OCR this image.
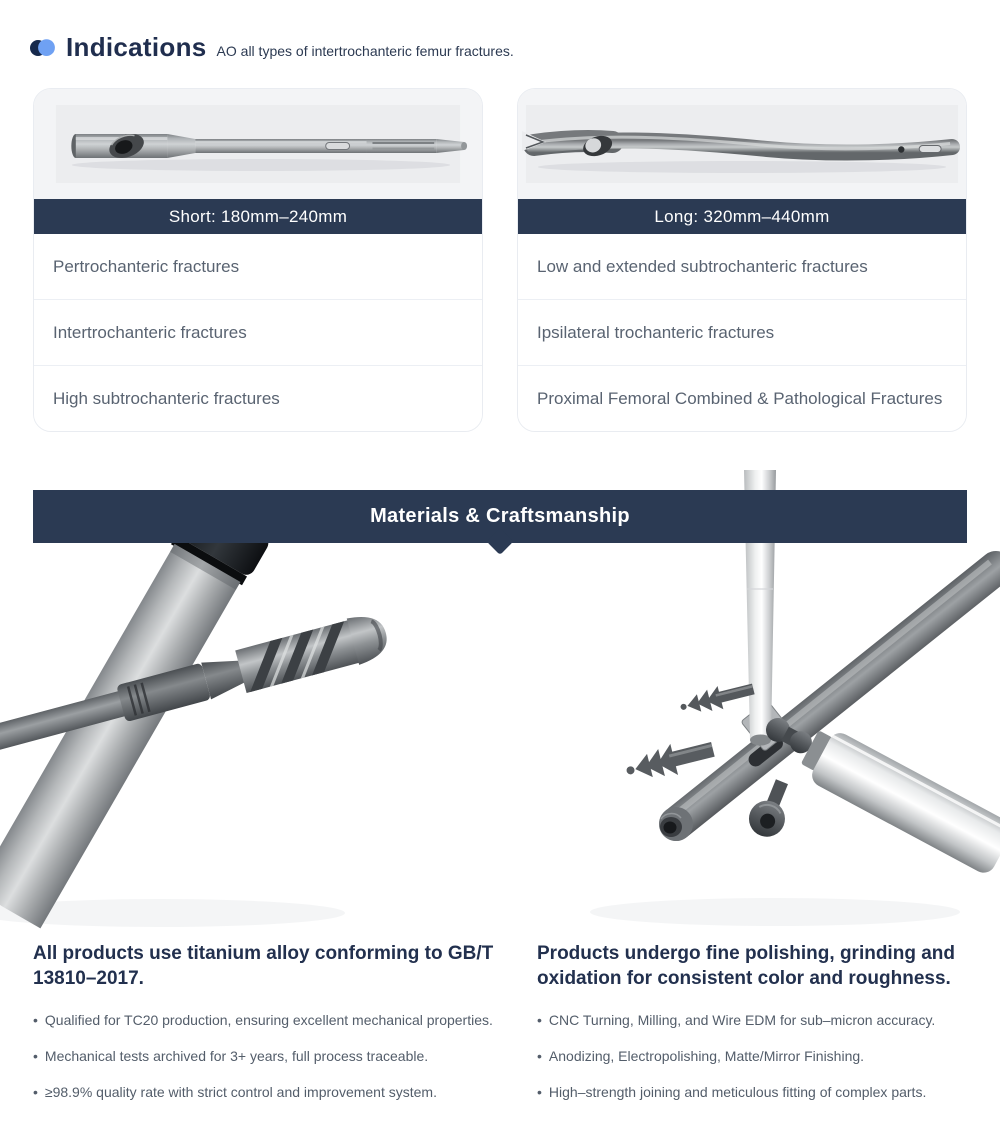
Indications AO all types of intertrochanteric femur fractures.
Short: 180mm–240mm
Pertrochanteric fractures
Intertrochanteric fractures
High subtrochanteric fractures
Long: 320mm–440mm
Low and extended subtrochanteric fractures
Ipsilateral trochanteric fractures
Proximal Femoral Combined & Pathological Fractures
Materials & Craftsmanship
All products use titanium alloy conforming to GB/T 13810–2017.
• Qualified for TC20 production, ensuring excellent mechanical properties.
• Mechanical tests archived for 3+ years, full process traceable.
• ≥98.9% quality rate with strict control and improvement system.
Products undergo fine polishing, grinding and oxidation for consistent color and roughness.
• CNC Turning, Milling, and Wire EDM for sub–micron accuracy.
• Anodizing, Electropolishing, Matte/Mirror Finishing.
• High–strength joining and meticulous fitting of complex parts.
